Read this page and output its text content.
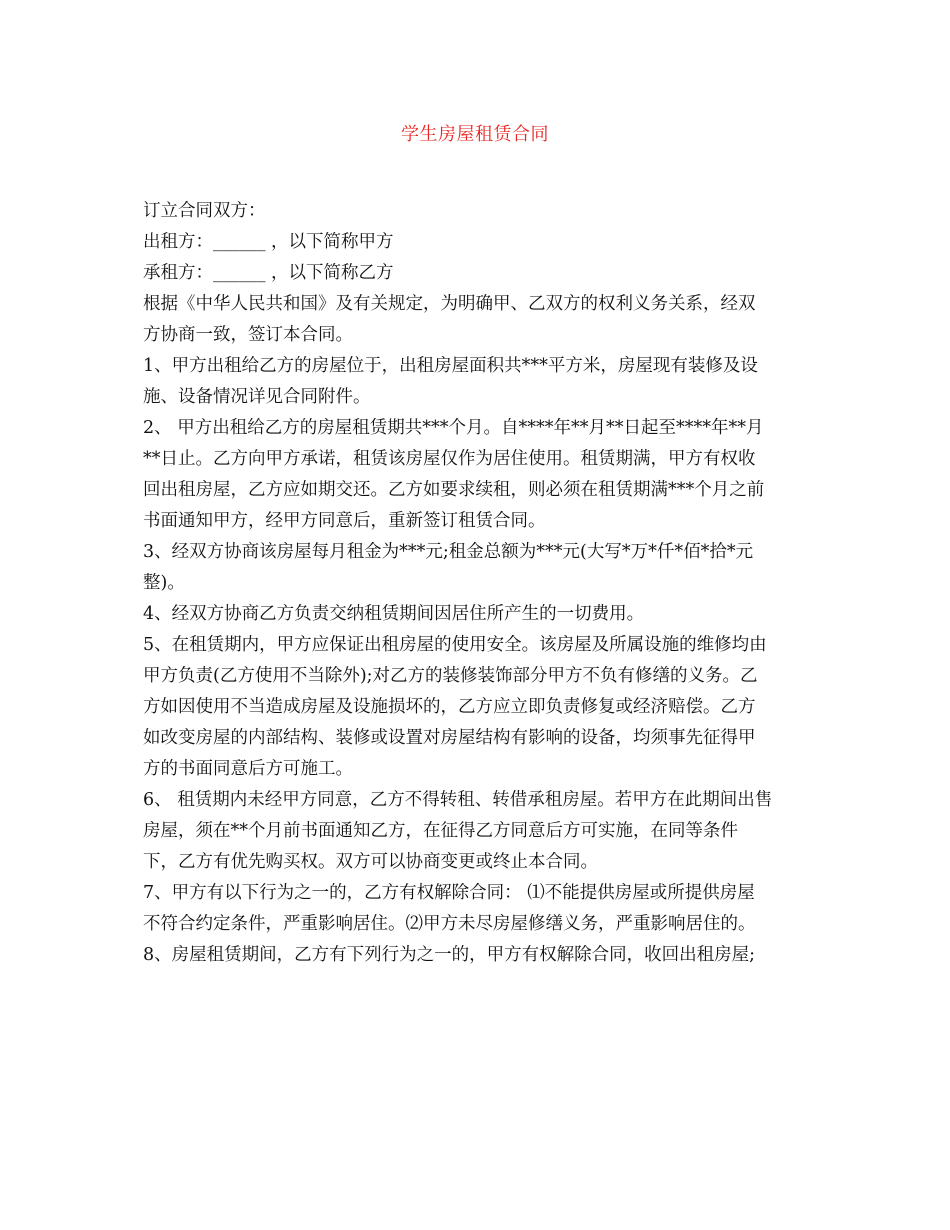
学生房屋租赁合同
订立合同双方：
出租方：______ ，以下简称甲方
承租方：______ ，以下简称乙方
根据《中华人民共和国》及有关规定，为明确甲、乙双方的权利义务关系，经双
方协商一致，签订本合同。
1、甲方出租给乙方的房屋位于，出租房屋面积共***平方米，房屋现有装修及设
施、设备情况详见合同附件。
2、 甲方出租给乙方的房屋租赁期共***个月。自****年**月**日起至****年**月
**日止。乙方向甲方承诺，租赁该房屋仅作为居住使用。租赁期满，甲方有权收
回出租房屋，乙方应如期交还。乙方如要求续租，则必须在租赁期满***个月之前
书面通知甲方，经甲方同意后，重新签订租赁合同。
3、经双方协商该房屋每月租金为***元;租金总额为***元(大写*万*仟*佰*拾*元
整)。
4、经双方协商乙方负责交纳租赁期间因居住所产生的一切费用。
5、在租赁期内，甲方应保证出租房屋的使用安全。该房屋及所属设施的维修均由
甲方负责(乙方使用不当除外);对乙方的装修装饰部分甲方不负有修缮的义务。乙
方如因使用不当造成房屋及设施损坏的，乙方应立即负责修复或经济赔偿。乙方
如改变房屋的内部结构、装修或设置对房屋结构有影响的设备，均须事先征得甲
方的书面同意后方可施工。
6、 租赁期内未经甲方同意，乙方不得转租、转借承租房屋。若甲方在此期间出售
房屋，须在**个月前书面通知乙方，在征得乙方同意后方可实施，在同等条件
下，乙方有优先购买权。双方可以协商变更或终止本合同。
7、甲方有以下行为之一的，乙方有权解除合同： ⑴不能提供房屋或所提供房屋
不符合约定条件，严重影响居住。⑵甲方未尽房屋修缮义务，严重影响居住的。
8、房屋租赁期间，乙方有下列行为之一的，甲方有权解除合同，收回出租房屋;
